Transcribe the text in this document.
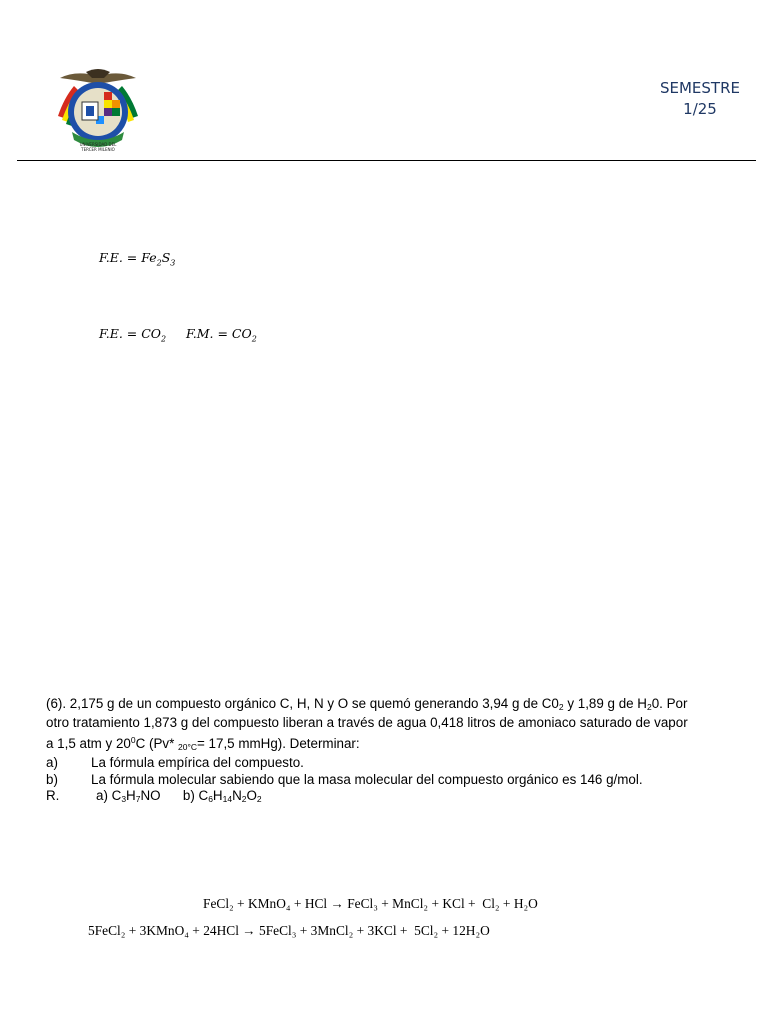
UNIVERSIDAD DEL
TERCER MILENIO
SEMESTRE
1/25
F.E. = $Fe_2S_3$
F.E. = $CO_2$ F.M. = $CO_2$

(6). 2,175 g de un compuesto orgánico C, H, N y O se quemó generando 3,94 g de $C0_2$ y 1,89 g de $H_20$. Por

otro tratamiento 1,873 g del compuesto liberan a través de agua 0,418 litros de amoniaco saturado de vapor

a 1,5 atm y $20^0C$ (Pv* $_{20^\circ C}$= 17,5 mmHg). Determinar:

a) La fórmula empírica del compuesto.

b) La fórmula molecular sabiendo que la masa molecular del compuesto orgánico es 146 g/mol.

R.	a) $C_3H_7NO$ b) $C_6H_{14}N_2O_2$

FeCl₂ + KMnO₄ + HCl → FeCl₃ + MnCl₂ + KCl +  Cl₂ + H₂O
5FeCl₂ + 3KMnO₄ + 24HCl → 5FeCl₃ + 3MnCl₂ + 3KCl +  5Cl₂ + 12H₂O
